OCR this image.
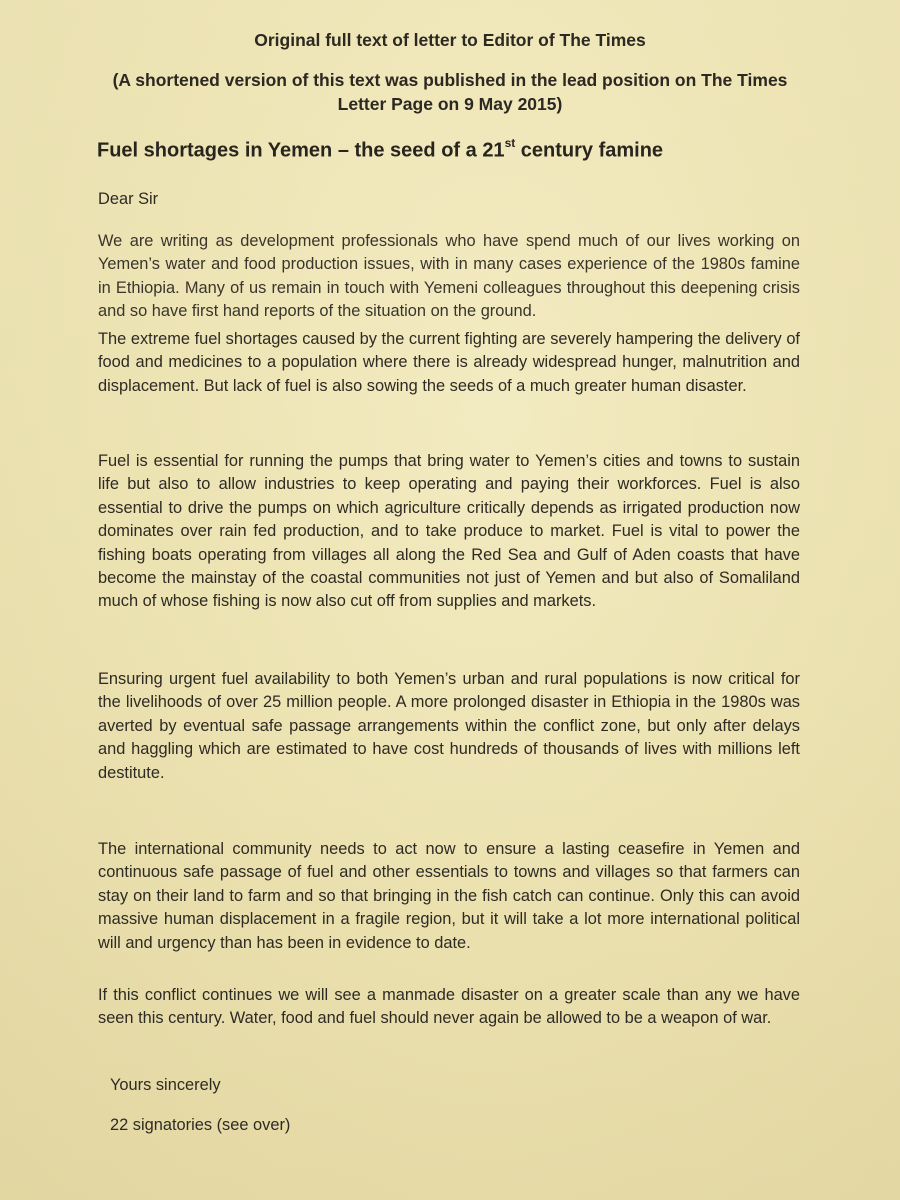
Original full text of letter to Editor of The Times
(A shortened version of this text was published in the lead position on The Times
Letter Page on 9 May 2015)
Fuel shortages in Yemen – the seed of a 21st century famine
Dear Sir
We are writing as development professionals who have spend much of our lives working on Yemen’s water and food production issues, with in many cases experience of the 1980s famine in Ethiopia. Many of us remain in touch with Yemeni colleagues throughout this deepening crisis and so have first hand reports of the situation on the ground.
The extreme fuel shortages caused by the current fighting are severely hampering the delivery of food and medicines to a population where there is already widespread hunger, malnutrition and displacement. But lack of fuel is also sowing the seeds of a much greater human disaster.
Fuel is essential for running the pumps that bring water to Yemen’s cities and towns to sustain life but also to allow industries to keep operating and paying their workforces. Fuel is also essential to drive the pumps on which agriculture critically depends as irrigated production now dominates over rain fed production, and to take produce to market. Fuel is vital to power the fishing boats operating from villages all along the Red Sea and Gulf of Aden coasts that have become the mainstay of the coastal communities not just of Yemen and but also of Somaliland much of whose fishing is now also cut off from supplies and markets.
Ensuring urgent fuel availability to both Yemen’s urban and rural populations is now critical for the livelihoods of over 25 million people. A more prolonged disaster in Ethiopia in the 1980s was averted by eventual safe passage arrangements within the conflict zone, but only after delays and haggling which are estimated to have cost hundreds of thousands of lives with millions left destitute.
The international community needs to act now to ensure a lasting ceasefire in Yemen and continuous safe passage of fuel and other essentials to towns and villages so that farmers can stay on their land to farm and so that bringing in the fish catch can continue. Only this can avoid massive human displacement in a fragile region, but it will take a lot more international political will and urgency than has been in evidence to date.
If this conflict continues we will see a manmade disaster on a greater scale than any we have seen this century. Water, food and fuel should never again be allowed to be a weapon of war.
Yours sincerely
22 signatories (see over)
